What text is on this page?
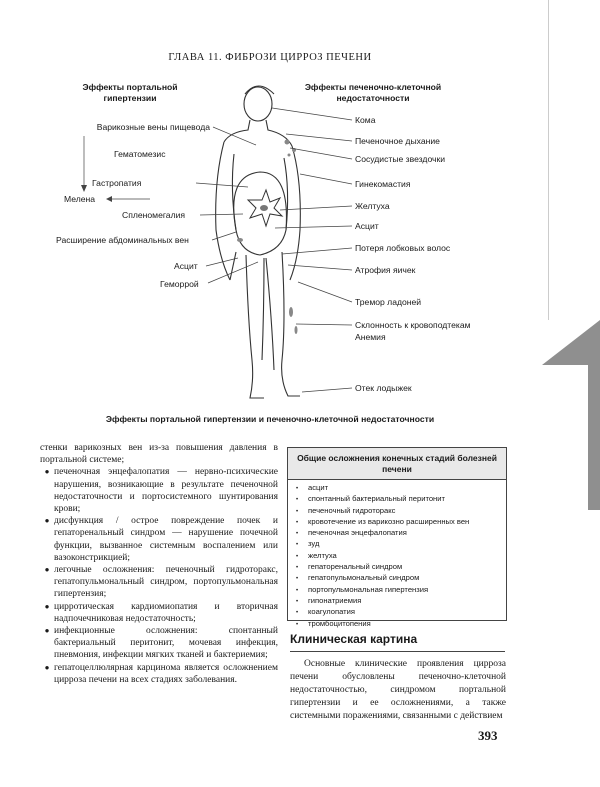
ГЛАВА 11. ФИБРОЗИ ЦИРРОЗ ПЕЧЕНИ
ПЕЧЕНЬ
Эффекты портальной гипертензии
Эффекты печеночно-клеточной недостаточности
Варикозные вены пищевода
Гематомезис
Гастропатия
Мелена
Спленомегалия
Расширение абдоминальных вен
Асцит
Геморрой
Кома
Печеночное дыхание
Сосудистые звездочки
Гинекомастия
Желтуха
Асцит
Потеря лобковых волос
Атрофия яичек
Тремор ладоней
Склонность к кровоподтекам
Анемия
Отек лодыжек
Эффекты портальной гипертензии и печеночно-клеточной недостаточности

стенки варикозных вен из-за повышения давления в портальной системе;

● печеночная энцефалопатия — нервно-психические нарушения, возникающие в результате печеночной недостаточности и портосистемного шунтирования крови;
● дисфункция / острое повреждение почек и гепаторенальный синдром — нарушение почечной функции, вызванное системным воспалением или вазоконстрикцией;
● легочные осложнения: печеночный гидроторакс, гепатопульмональный синдром, портопульмональная гипертензия;
● цирротическая кардиомиопатия и вторичная надпочечниковая недостаточность;
● инфекционные осложнения: спонтанный бактериальный перитонит, мочевая инфекция, пневмония, инфекции мягких тканей и бактериемия;
● гепатоцеллюлярная карцинома является осложнением цирроза печени на всех стадиях заболевания.
Общие осложнения конечных стадий болезней печени
• асцит
• спонтанный бактериальный перитонит
• печеночный гидроторакс
• кровотечение из варикозно расширенных вен
• печеночная энцефалопатия
• зуд
• желтуха
• гепаторенальный синдром
• гепатопульмональный синдром
• портопульмональная гипертензия
• гипонатриемия
• коагулопатия
• тромбоцитопения
Клиническая картина

Основные клинические проявления цирроза печени обусловлены печеночно-клеточной недостаточностью, синдромом портальной гипертензии и ее осложнениями, а также системными поражениями, связанными с действием

393
